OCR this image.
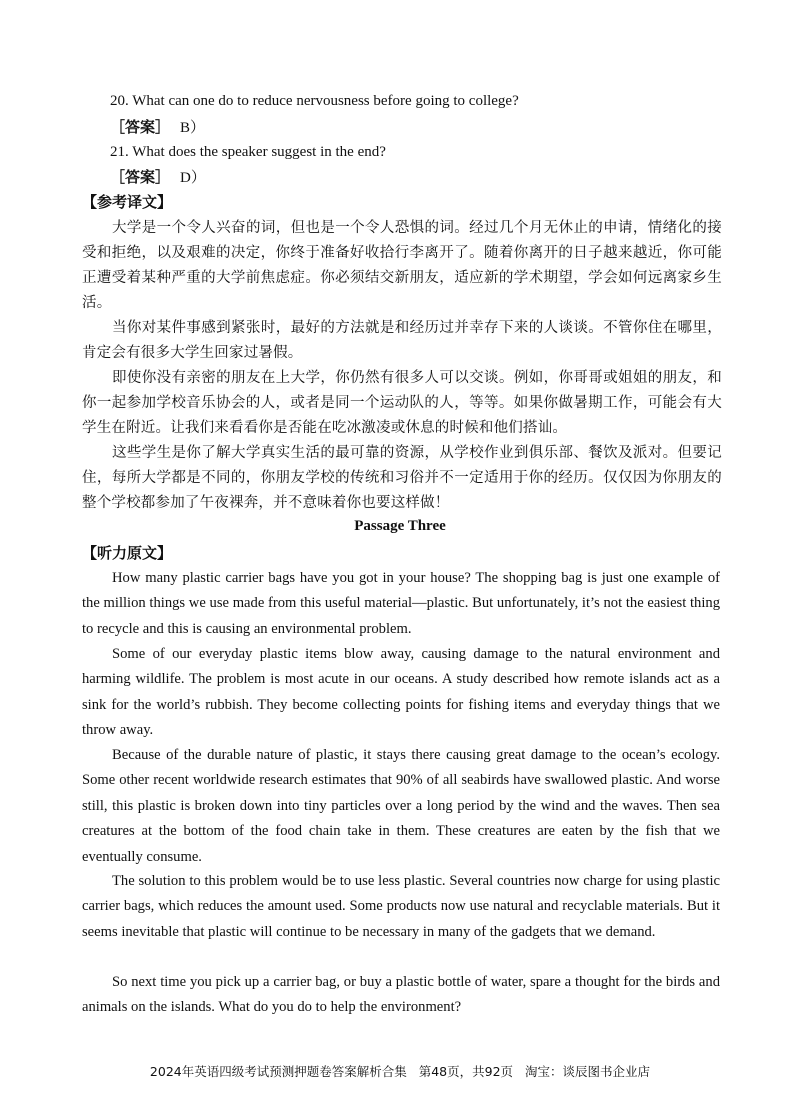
20. What can one do to reduce nervousness before going to college?
［答案］ B）
21. What does the speaker suggest in the end?
［答案］ D）
【参考译文】
大学是一个令人兴奋的词，但也是一个令人恐惧的词。经过几个月无休止的申请，情绪化的接受和拒绝，以及艰难的决定，你终于准备好收拾行李离开了。随着你离开的日子越来越近，你可能正遭受着某种严重的大学前焦虑症。你必须结交新朋友，适应新的学术期望，学会如何远离家乡生活。
当你对某件事感到紧张时，最好的方法就是和经历过并幸存下来的人谈谈。不管你住在哪里，肯定会有很多大学生回家过暑假。
即使你没有亲密的朋友在上大学，你仍然有很多人可以交谈。例如，你哥哥或姐姐的朋友，和你一起参加学校音乐协会的人，或者是同一个运动队的人，等等。如果你做暑期工作，可能会有大学生在附近。让我们来看看你是否能在吃冰激凌或休息的时候和他们搭讪。
这些学生是你了解大学真实生活的最可靠的资源，从学校作业到俱乐部、餐饮及派对。但要记住，每所大学都是不同的，你朋友学校的传统和习俗并不一定适用于你的经历。仅仅因为你朋友的整个学校都参加了午夜裸奔，并不意味着你也要这样做！
Passage Three
【听力原文】
How many plastic carrier bags have you got in your house? The shopping bag is just one example of the million things we use made from this useful material—plastic. But unfortunately, it’s not the easiest thing to recycle and this is causing an environmental problem.
Some of our everyday plastic items blow away, causing damage to the natural environment and harming wildlife. The problem is most acute in our oceans. A study described how remote islands act as a sink for the world’s rubbish. They become collecting points for fishing items and everyday things that we throw away.
Because of the durable nature of plastic, it stays there causing great damage to the ocean’s ecology. Some other recent worldwide research estimates that 90% of all seabirds have swallowed plastic. And worse still, this plastic is broken down into tiny particles over a long period by the wind and the waves. Then sea creatures at the bottom of the food chain take in them. These creatures are eaten by the fish that we eventually consume.
The solution to this problem would be to use less plastic. Several countries now charge for using plastic carrier bags, which reduces the amount used. Some products now use natural and recyclable materials. But it seems inevitable that plastic will continue to be necessary in many of the gadgets that we demand.
So next time you pick up a carrier bag, or buy a plastic bottle of water, spare a thought for the birds and animals on the islands. What do you do to help the environment?
2024年英语四级考试预测押题卷答案解析合集 第48页，共92页 淘宝：谈辰图书企业店
